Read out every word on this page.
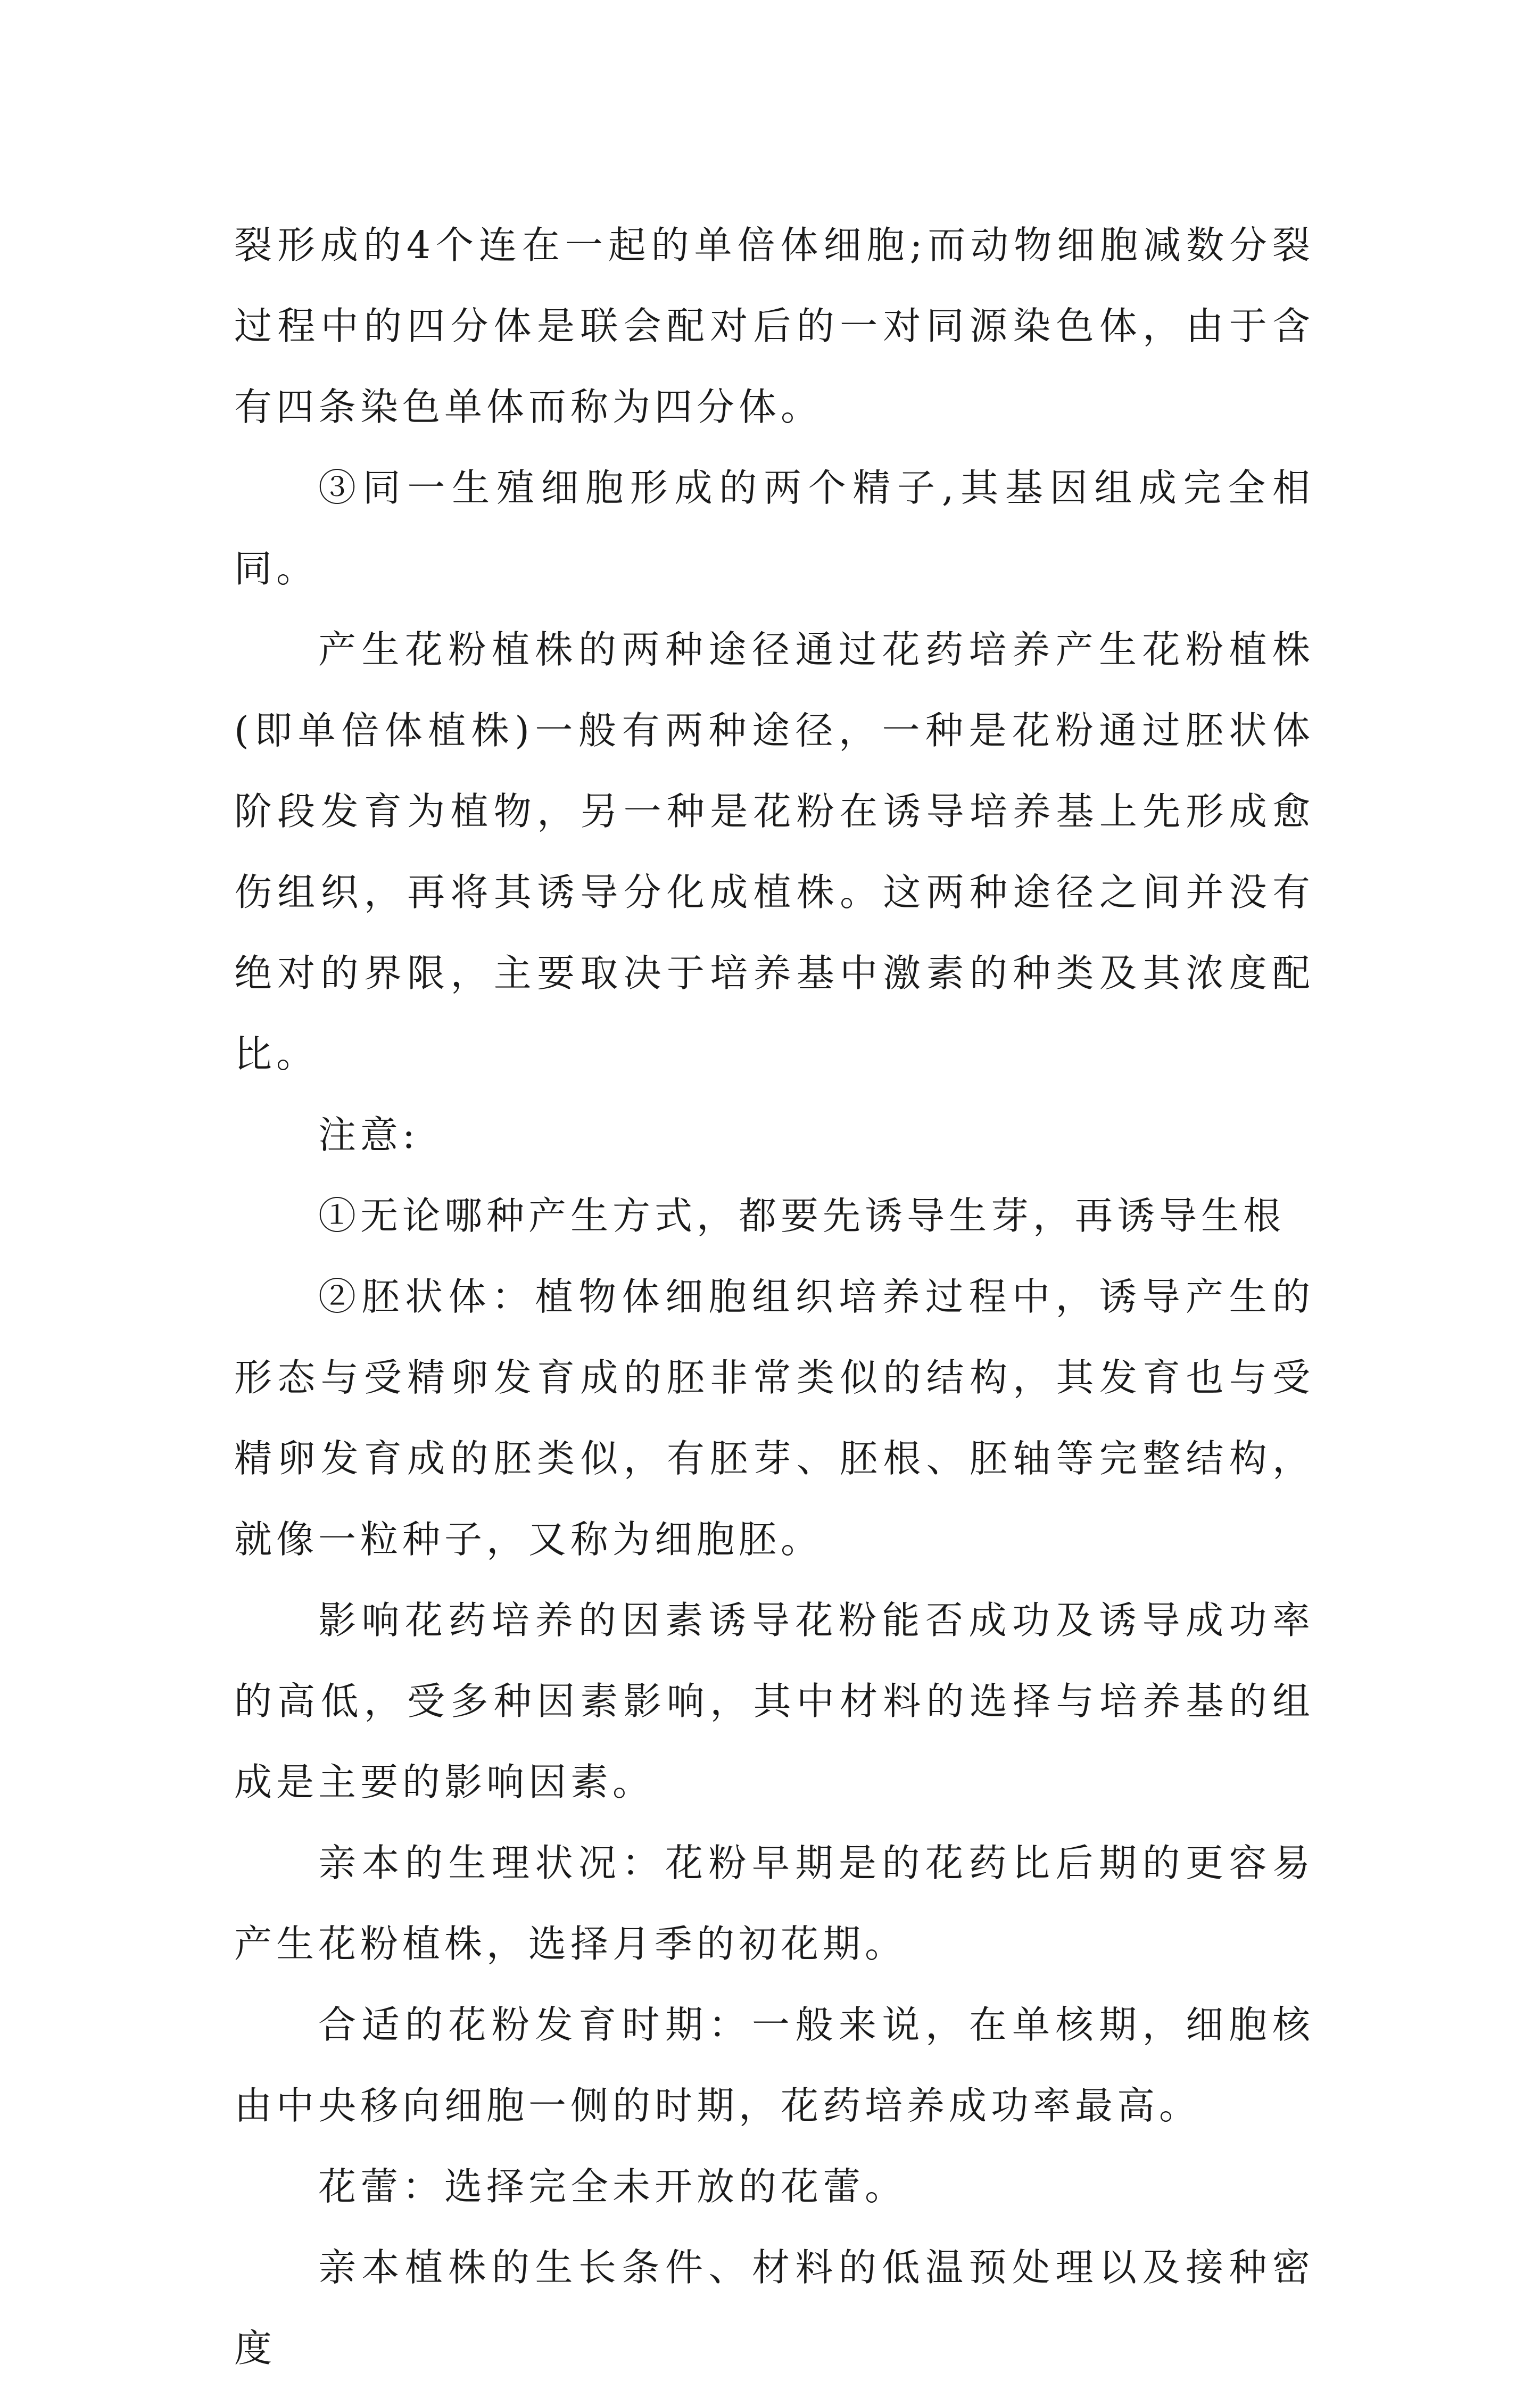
裂形成的4个连在一起的单倍体细胞;而动物细胞减数分裂过程中的四分体是联会配对后的一对同源染色体，由于含有四条染色单体而称为四分体。

③同一生殖细胞形成的两个精子,其基因组成完全相同。

产生花粉植株的两种途径通过花药培养产生花粉植株(即单倍体植株)一般有两种途径，一种是花粉通过胚状体阶段发育为植物，另一种是花粉在诱导培养基上先形成愈伤组织，再将其诱导分化成植株。这两种途径之间并没有绝对的界限，主要取决于培养基中激素的种类及其浓度配比。

注意:

①无论哪种产生方式，都要先诱导生芽，再诱导生根

②胚状体：植物体细胞组织培养过程中，诱导产生的形态与受精卵发育成的胚非常类似的结构，其发育也与受精卵发育成的胚类似，有胚芽、胚根、胚轴等完整结构，就像一粒种子，又称为细胞胚。

影响花药培养的因素诱导花粉能否成功及诱导成功率的高低，受多种因素影响，其中材料的选择与培养基的组成是主要的影响因素。

亲本的生理状况：花粉早期是的花药比后期的更容易产生花粉植株，选择月季的初花期。

合适的花粉发育时期：一般来说，在单核期，细胞核由中央移向细胞一侧的时期，花药培养成功率最高。

花蕾：选择完全未开放的花蕾。

亲本植株的生长条件、材料的低温预处理以及接种密度
